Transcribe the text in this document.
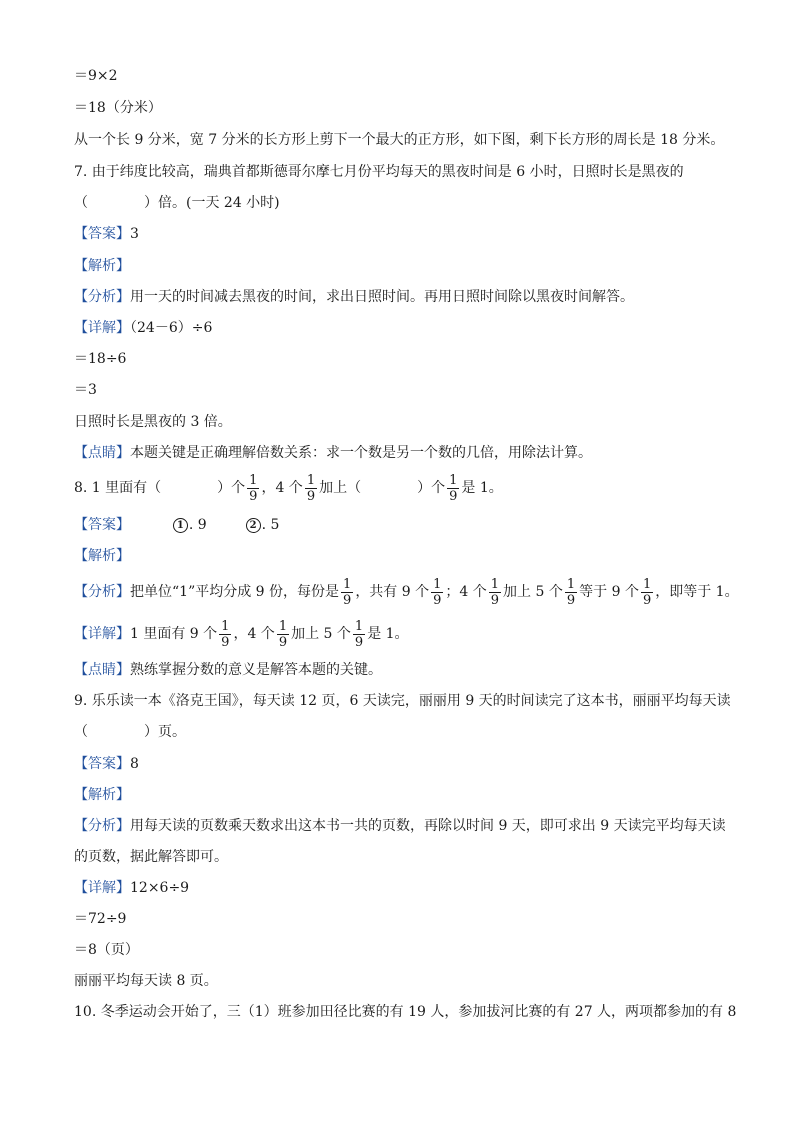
＝9×2
＝18（分米）
从一个长 9 分米，宽 7 分米的长方形上剪下一个最大的正方形，如下图，剩下长方形的周长是 18 分米。
7. 由于纬度比较高，瑞典首都斯德哥尔摩七月份平均每天的黑夜时间是 6 小时，日照时长是黑夜的
（　　　　）倍。(一天 24 小时)
【答案】3
【解析】
【分析】用一天的时间减去黑夜的时间，求出日照时间。再用日照时间除以黑夜时间解答。
【详解】（24－6）÷6
＝18÷6
＝3
日照时长是黑夜的 3 倍。
【点睛】本题关键是正确理解倍数关系：求一个数是另一个数的几倍，用除法计算。
8. 1 里面有（　　　　）个 $\frac{1}{9}$ ，4 个 $\frac{1}{9}$ 加上（　　　　）个 $\frac{1}{9}$ 是 1。
【答案】	1 . 9	2 . 5
【解析】
【分析】把单位“1”平均分成 9 份，每份是 $\frac{1}{9}$ ，共有 9 个 $\frac{1}{9}$ ；4 个 $\frac{1}{9}$ 加上 5 个 $\frac{1}{9}$ 等于 9 个 $\frac{1}{9}$ ，即等于 1。
【详解】1 里面有 9 个 $\frac{1}{9}$ ，4 个 $\frac{1}{9}$ 加上 5 个 $\frac{1}{9}$ 是 1。
【点睛】熟练掌握分数的意义是解答本题的关键。
9. 乐乐读一本《洛克王国》，每天读 12 页，6 天读完，丽丽用 9 天的时间读完了这本书，丽丽平均每天读
（　　　　）页。
【答案】8
【解析】
【分析】用每天读的页数乘天数求出这本书一共的页数，再除以时间 9 天，即可求出 9 天读完平均每天读
的页数，据此解答即可。
【详解】12×6÷9
＝72÷9
＝8（页）
丽丽平均每天读 8 页。
10. 冬季运动会开始了，三（1）班参加田径比赛的有 19 人，参加拔河比赛的有 27 人，两项都参加的有 8
